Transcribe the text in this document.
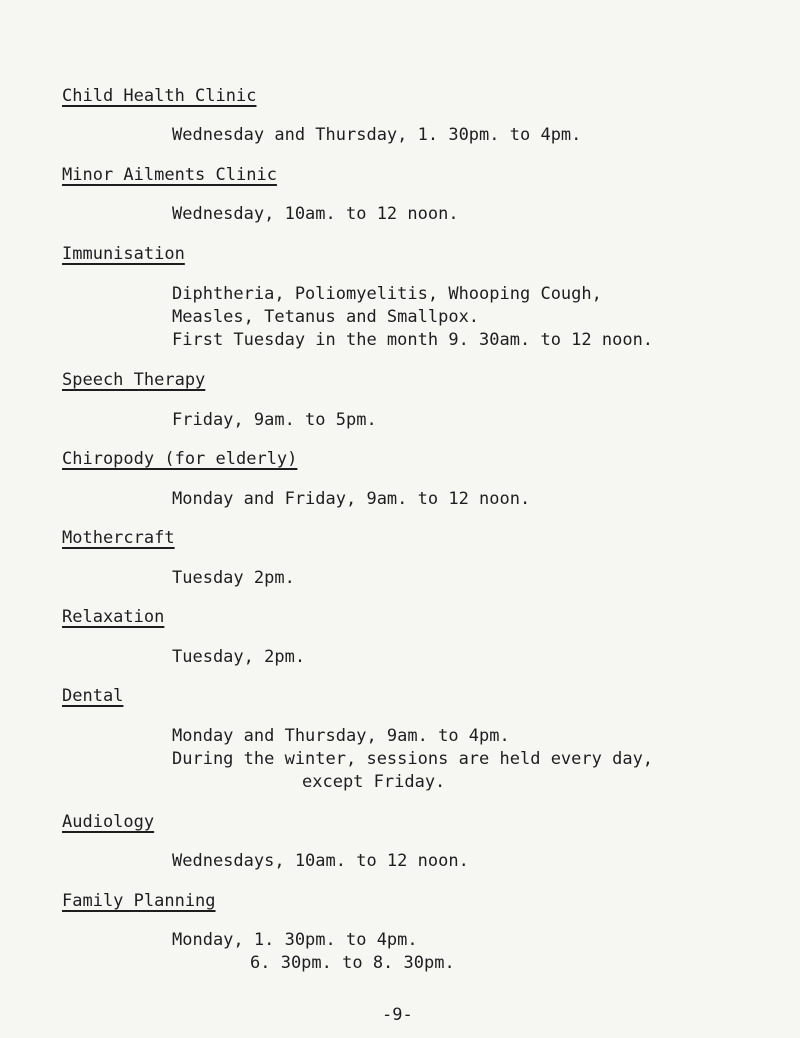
Child Health Clinic
Wednesday and Thursday, 1. 30pm. to 4pm.
Minor Ailments Clinic
Wednesday, 10am. to 12 noon.
Immunisation
Diphtheria, Poliomyelitis, Whooping Cough,
Measles, Tetanus and Smallpox.
First Tuesday in the month 9. 30am. to 12 noon.
Speech Therapy
Friday, 9am. to 5pm.
Chiropody (for elderly)
Monday and Friday, 9am. to 12 noon.
Mothercraft
Tuesday 2pm.
Relaxation
Tuesday, 2pm.
Dental
Monday and Thursday, 9am. to 4pm.
During the winter, sessions are held every day,
except Friday.
Audiology
Wednesdays, 10am. to 12 noon.
Family Planning
Monday, 1. 30pm. to 4pm.
6. 30pm. to 8. 30pm.
-9-
